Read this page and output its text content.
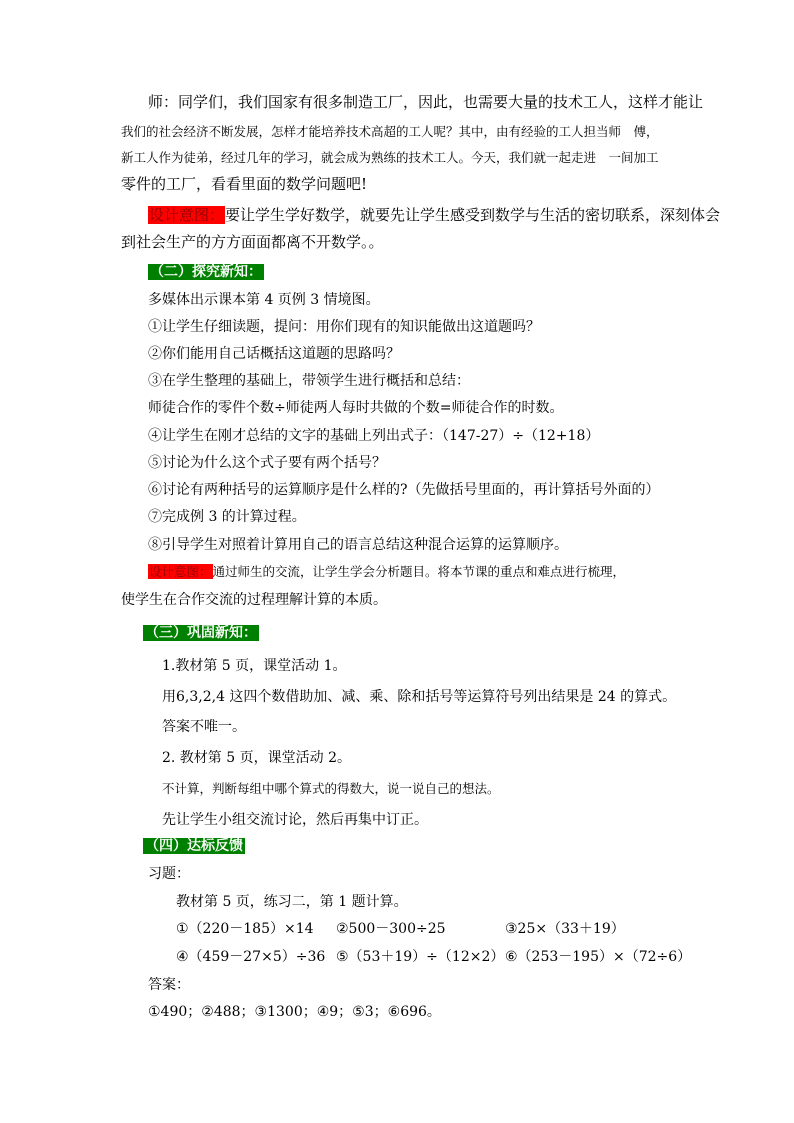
师：同学们，我们国家有很多制造工厂，因此，也需要大量的技术工人，这样才能让
我们的社会经济不断发展，怎样才能培养技术高超的工人呢？其中，由有经验的工人担当师　傅，
新工人作为徒弟，经过几年的学习，就会成为熟练的技术工人。今天，我们就一起走进　一间加工
零件的工厂，看看里面的数学问题吧!
设计意图：要让学生学好数学，就要先让学生感受到数学与生活的密切联系，深刻体会
到社会生产的方方面面都离不开数学。。
（二）探究新知：
多媒体出示课本第 4 页例 3 情境图。
①让学生仔细读题，提问：用你们现有的知识能做出这道题吗？
②你们能用自己话概括这道题的思路吗？
③在学生整理的基础上，带领学生进行概括和总结：
师徒合作的零件个数÷师徒两人每时共做的个数=师徒合作的时数。
④让学生在刚才总结的文字的基础上列出式子：（147-27）÷（12+18）
⑤讨论为什么这个式子要有两个括号？
⑥讨论有两种括号的运算顺序是什么样的?（先做括号里面的，再计算括号外面的）
⑦完成例 3 的计算过程。
⑧引导学生对照着计算用自己的语言总结这种混合运算的运算顺序。
设计意图：通过师生的交流，让学生学会分析题目。将本节课的重点和难点进行梳理，
使学生在合作交流的过程理解计算的本质。
（三）巩固新知：
1.教材第 5 页，课堂活动 1。
用6,3,2,4 这四个数借助加、减、乘、除和括号等运算符号列出结果是 24 的算式。
答案不唯一。
2. 教材第 5 页，课堂活动 2。
不计算，判断每组中哪个算式的得数大，说一说自己的想法。
先让学生小组交流讨论，然后再集中订正。
（四）达标反馈
习题：
教材第 5 页，练习二，第 1 题计算。
①（220－185）×14 ②500－300÷25	③25×（33＋19）
④（459－27×5）÷36 ⑤（53＋19）÷（12×2） ⑥（253－195）×（72÷6）
答案：
①490；②488；③1300；④9；⑤3；⑥696。
